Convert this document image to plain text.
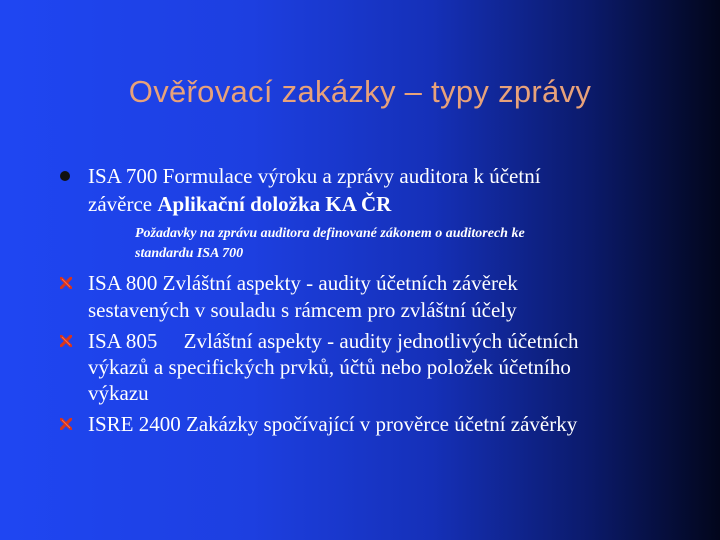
Ověřovací zakázky – typy zprávy
ISA 700 Formulace výroku a zprávy auditora k účetní
závěrce Aplikační doložka KA ČR
Požadavky na zprávu auditora definované zákonem o auditorech ke
standardu ISA 700
ISA 800 Zvláštní aspekty - audity účetních závěrek
sestavených v souladu s rámcem pro zvláštní účely
ISA 805     Zvláštní aspekty - audity jednotlivých účetních
výkazů a specifických prvků, účtů nebo položek účetního
výkazu
ISRE 2400 Zakázky spočívající v prověrce účetní závěrky
